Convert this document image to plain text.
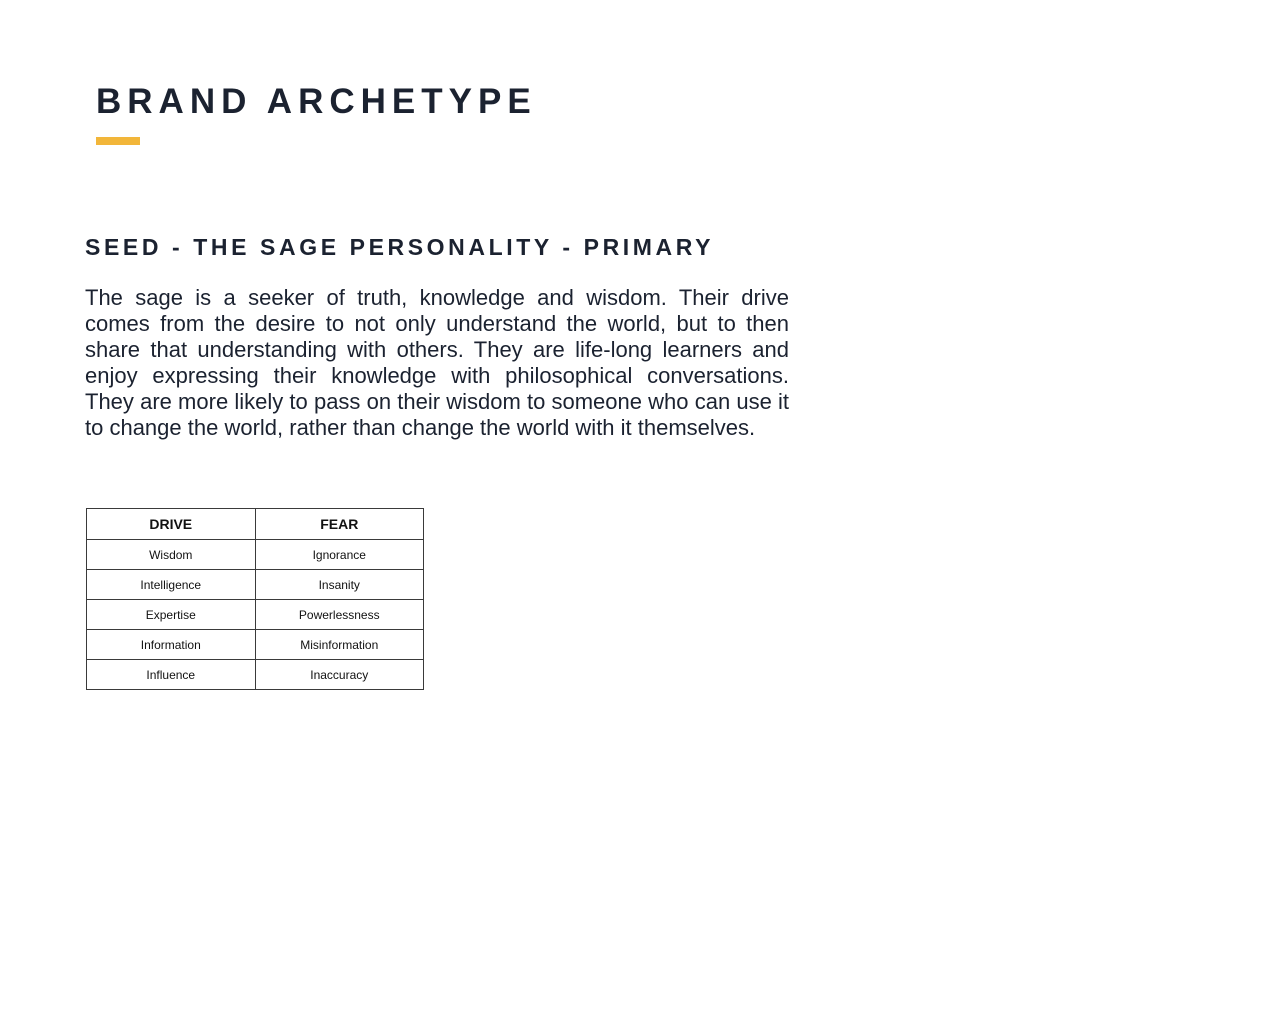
BRAND ARCHETYPE
SEED - THE SAGE PERSONALITY - PRIMARY

The sage is a seeker of truth, knowledge and wisdom. Their drive comes from the desire to not only understand the world, but to then share that understanding with others. They are life-long learners and enjoy expressing their knowledge with philosophical conversations. They are more likely to pass on their wisdom to someone who can use it to change the world, rather than change the world with it themselves.

DRIVE	FEAR
Wisdom	Ignorance
Intelligence	Insanity
Expertise	Powerlessness
Information	Misinformation
Influence	Inaccuracy
